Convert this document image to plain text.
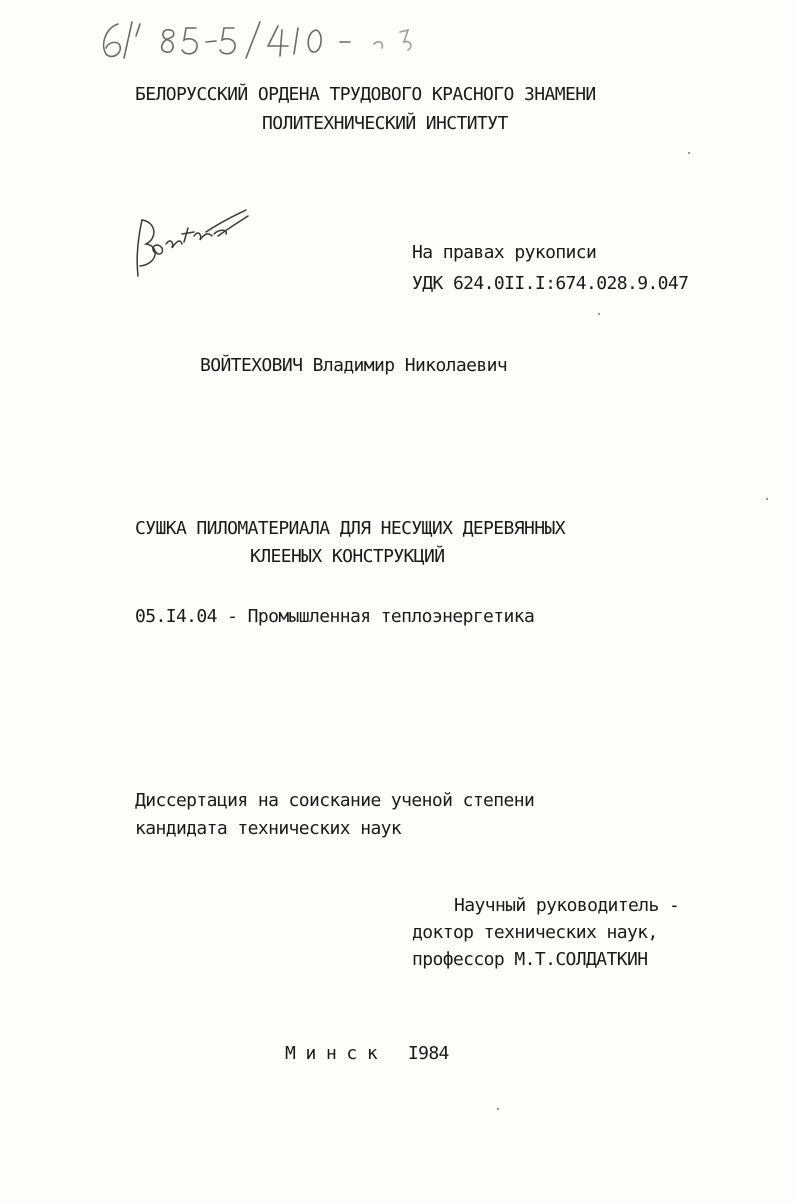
БЕЛОРУССКИЙ ОРДЕНА ТРУДОВОГО КРАСНОГО ЗНАМЕНИ
ПОЛИТЕХНИЧЕСКИЙ ИНСТИТУТ
На правах рукописи
УДК 624.0II.I:674.028.9.047
ВОЙТЕХОВИЧ Владимир Николаевич
СУШКА ПИЛОМАТЕРИАЛА ДЛЯ НЕСУЩИХ ДЕРЕВЯННЫХ
КЛЕЕНЫХ КОНСТРУКЦИЙ
05.I4.04 - Промышленная теплоэнергетика
Диссертация на соискание ученой степени
кандидата технических наук
Научный руководитель -
доктор технических наук,
профессор М.Т.СОЛДАТКИН
М и н с к   I984
